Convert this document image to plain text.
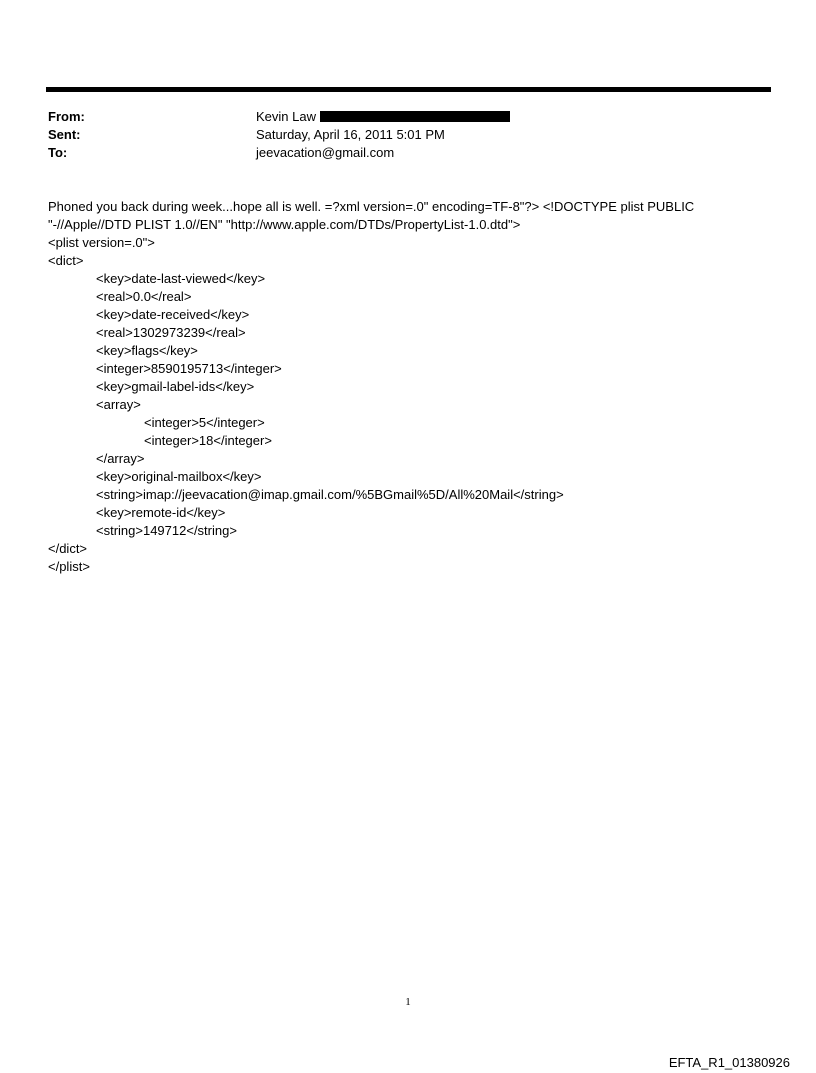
From:	Kevin Law
Sent:	Saturday, April 16, 2011 5:01 PM
To:	jeevacation@gmail.com
Phoned you back during week...hope all is well. =?xml version=.0" encoding=TF-8"?> <!DOCTYPE plist PUBLIC "-//Apple//DTD PLIST 1.0//EN" "http://www.apple.com/DTDs/PropertyList-1.0.dtd">
<plist version=.0">
<dict>
<key>date-last-viewed</key>
<real>0.0</real>
<key>date-received</key>
<real>1302973239</real>
<key>flags</key>
<integer>8590195713</integer>
<key>gmail-label-ids</key>
<array>
<integer>5</integer>
<integer>18</integer>
</array>
<key>original-mailbox</key>
<string>imap://jeevacation@imap.gmail.com/%5BGmail%5D/All%20Mail</string>
<key>remote-id</key>
<string>149712</string>
</dict>
</plist>
1
EFTA_R1_01380926
